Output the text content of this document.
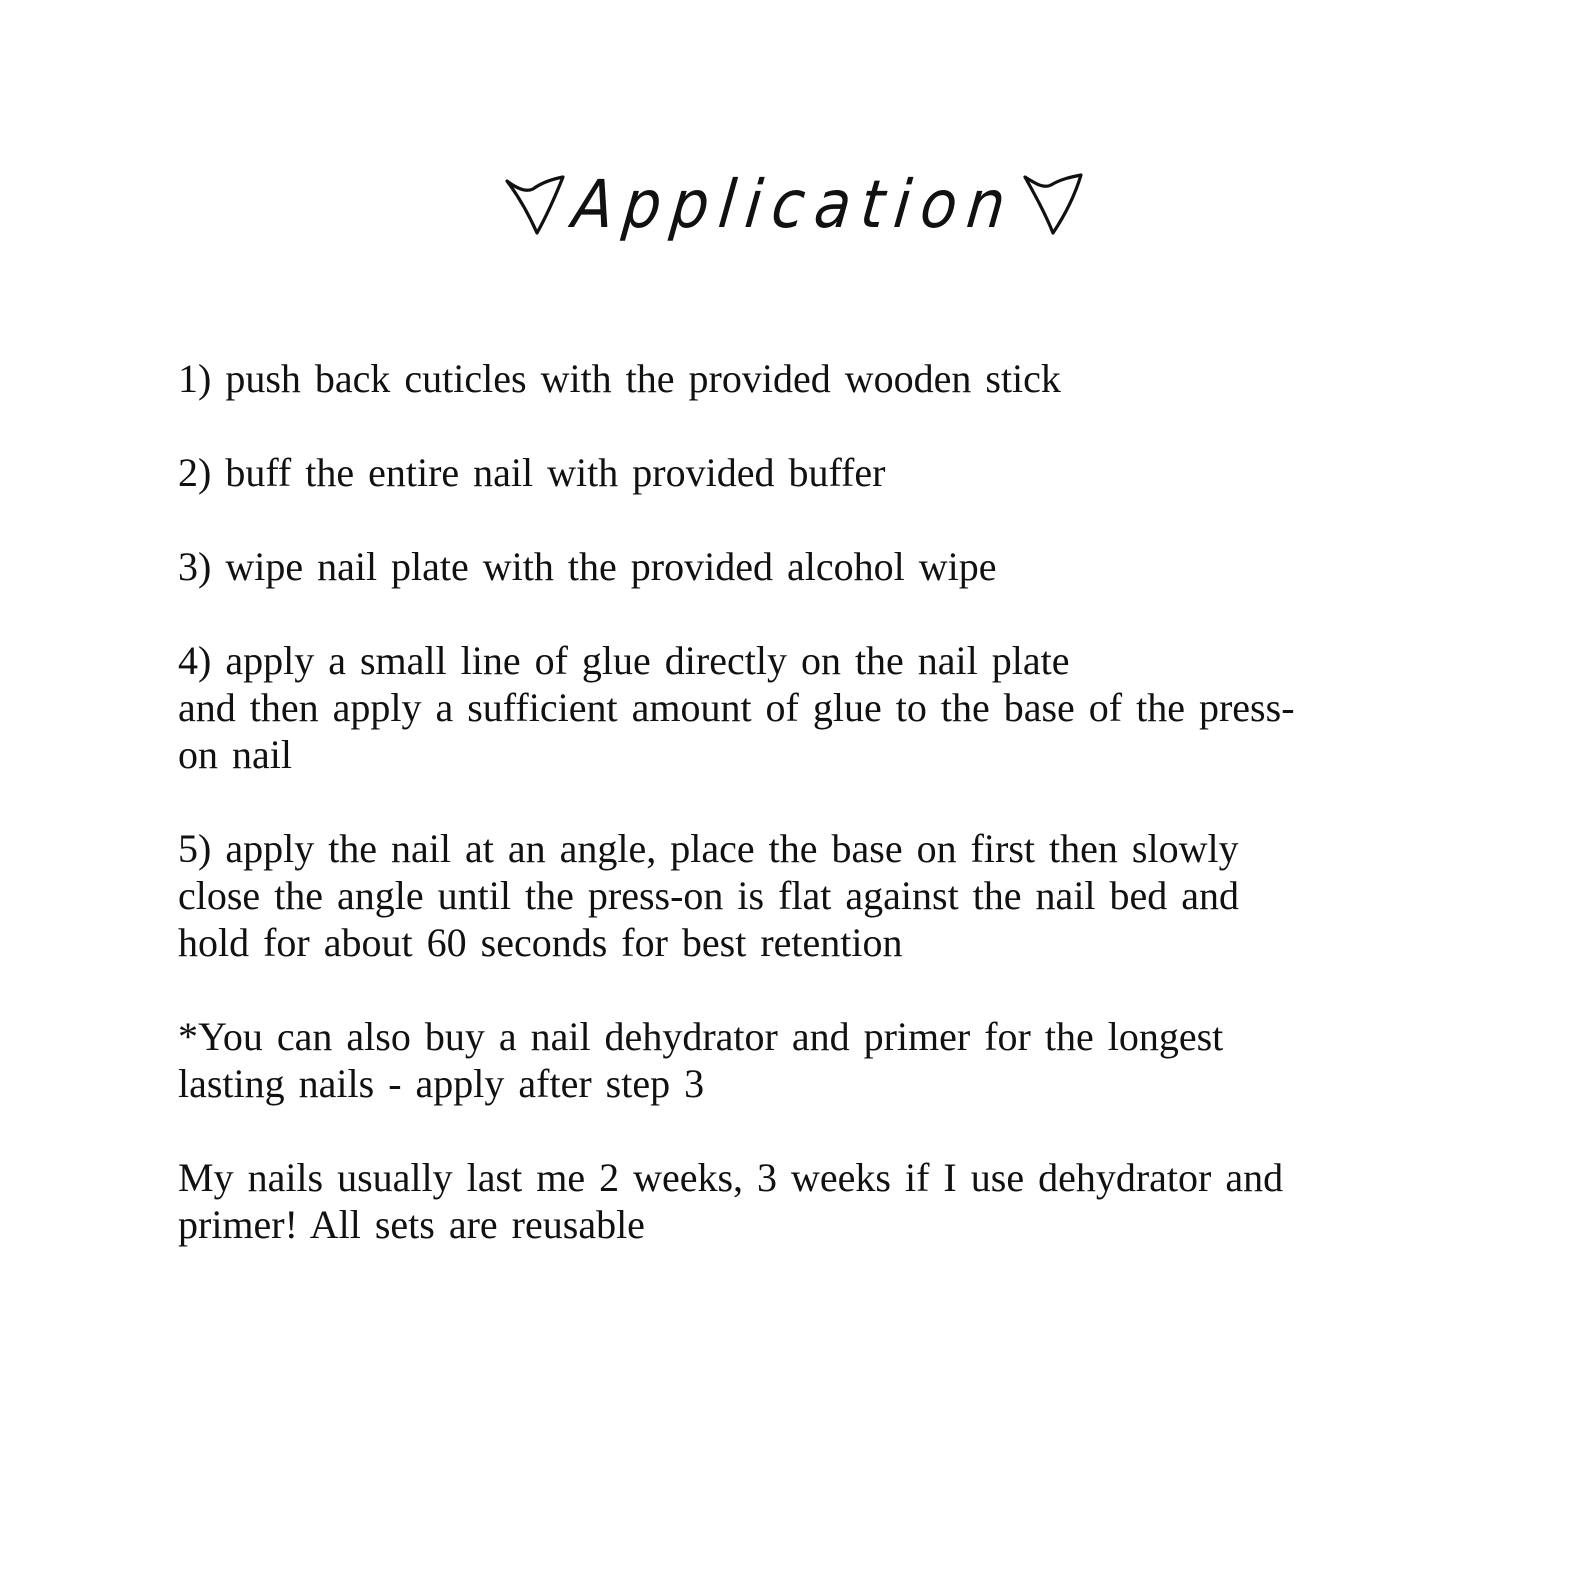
Application

1) push back cuticles with the provided wooden stick

2) buff the entire nail with provided buffer

3) wipe nail plate with the provided alcohol wipe

4) apply a small line of glue directly on the nail plate
and then apply a sufficient amount of glue to the base of the press-
on nail

5) apply the nail at an angle, place the base on first then slowly
close the angle until the press-on is flat against the nail bed and
hold for about 60 seconds for best retention

*You can also buy a nail dehydrator and primer for the longest
lasting nails - apply after step 3

My nails usually last me 2 weeks, 3 weeks if I use dehydrator and
primer! All sets are reusable
